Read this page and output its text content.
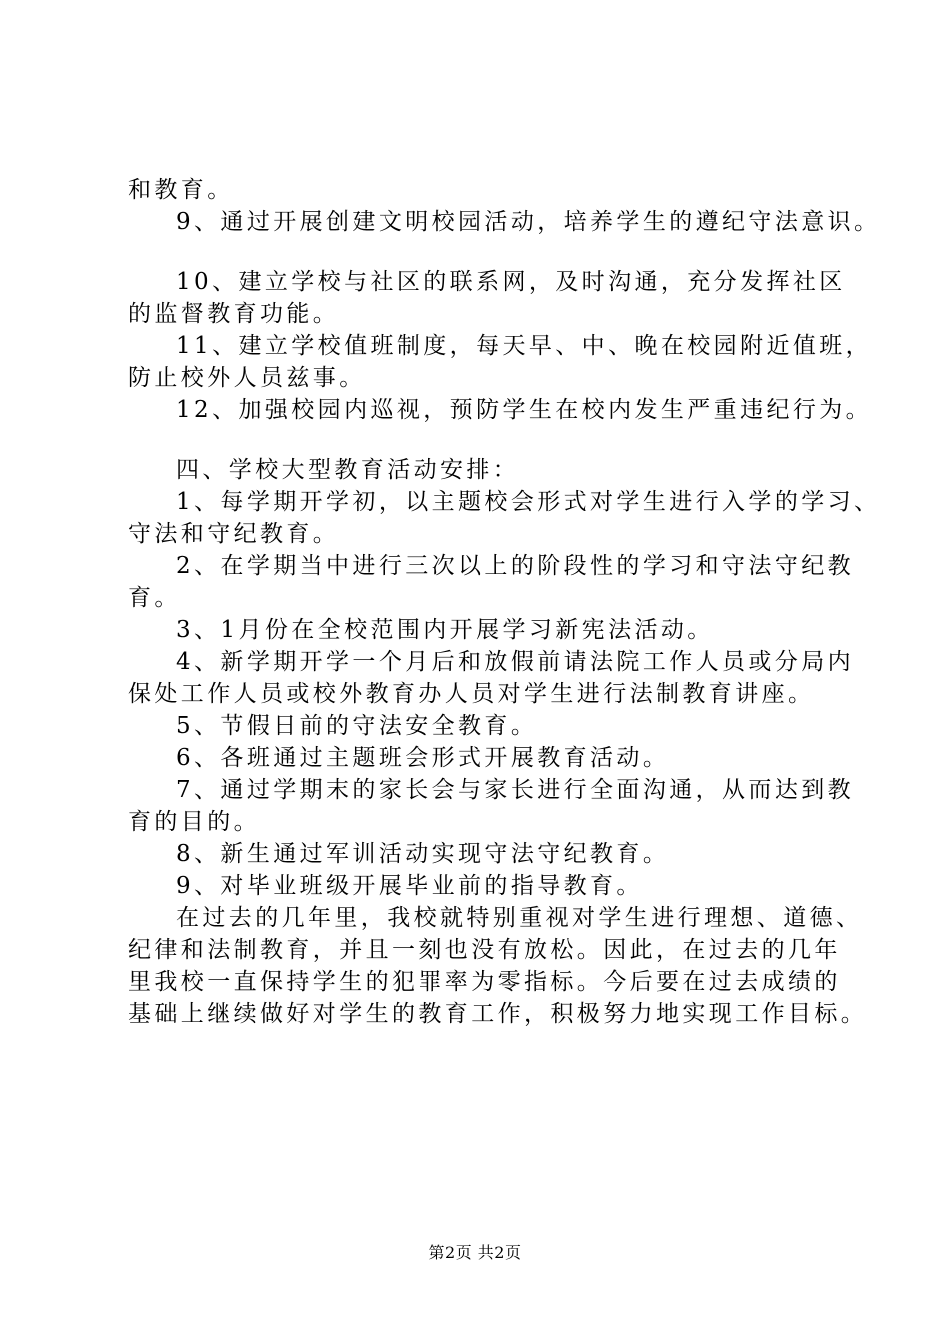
和教育。
9、通过开展创建文明校园活动，培养学生的遵纪守法意识。
10、建立学校与社区的联系网，及时沟通，充分发挥社区
的监督教育功能。
11、建立学校值班制度，每天早、中、晚在校园附近值班，
防止校外人员兹事。
12、加强校园内巡视，预防学生在校内发生严重违纪行为。
四、学校大型教育活动安排：
1、每学期开学初，以主题校会形式对学生进行入学的学习、
守法和守纪教育。
2、在学期当中进行三次以上的阶段性的学习和守法守纪教
育。
3、1月份在全校范围内开展学习新宪法活动。
4、新学期开学一个月后和放假前请法院工作人员或分局内
保处工作人员或校外教育办人员对学生进行法制教育讲座。
5、节假日前的守法安全教育。
6、各班通过主题班会形式开展教育活动。
7、通过学期末的家长会与家长进行全面沟通，从而达到教
育的目的。
8、新生通过军训活动实现守法守纪教育。
9、对毕业班级开展毕业前的指导教育。
在过去的几年里，我校就特别重视对学生进行理想、道德、
纪律和法制教育，并且一刻也没有放松。因此，在过去的几年
里我校一直保持学生的犯罪率为零指标。今后要在过去成绩的
基础上继续做好对学生的教育工作，积极努力地实现工作目标。
第2页 共2页
